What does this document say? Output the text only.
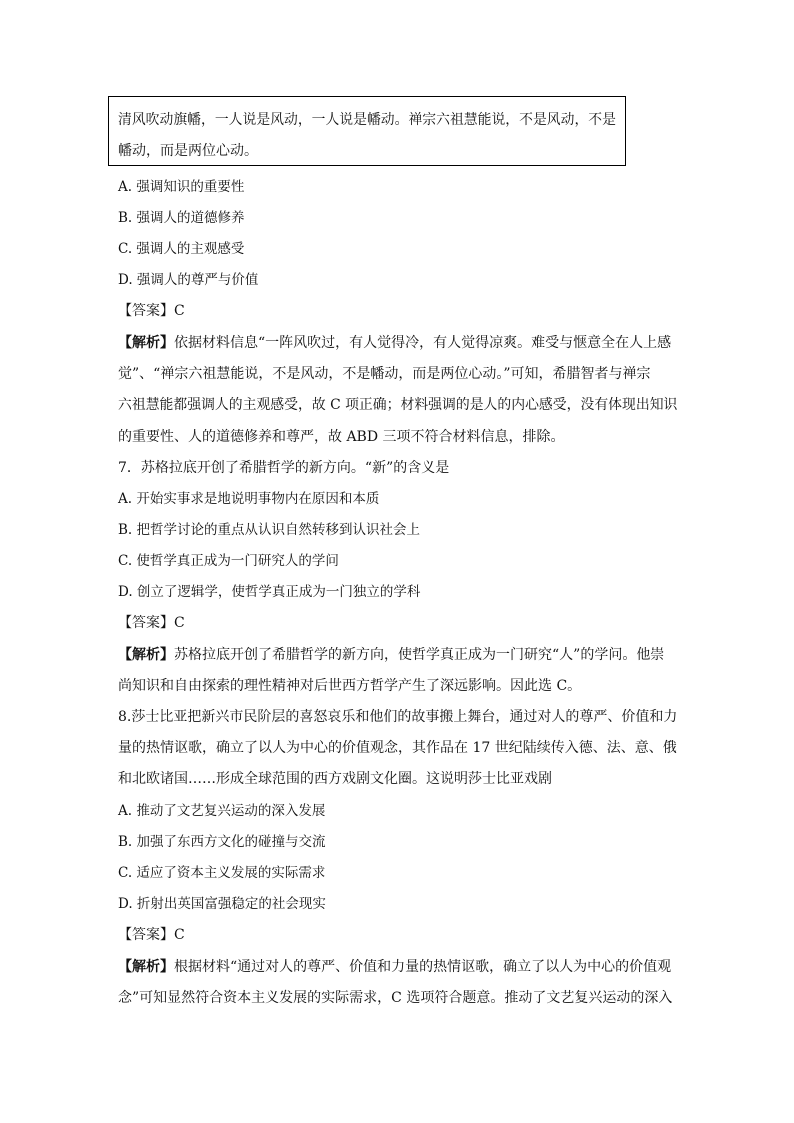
清风吹动旗幡，一人说是风动，一人说是幡动。禅宗六祖慧能说，不是风动，不是
幡动，而是两位心动。
A. 强调知识的重要性
B. 强调人的道德修养
C. 强调人的主观感受
D. 强调人的尊严与价值
【答案】C
【解析】依据材料信息“一阵风吹过，有人觉得冷，有人觉得凉爽。难受与惬意全在人上感
觉”、“禅宗六祖慧能说，不是风动，不是幡动，而是两位心动。”可知，希腊智者与禅宗
六祖慧能都强调人的主观感受，故 C 项正确；材料强调的是人的内心感受，没有体现出知识
的重要性、人的道德修养和尊严，故 ABD 三项不符合材料信息，排除。
7．苏格拉底开创了希腊哲学的新方向。“新”的含义是
A. 开始实事求是地说明事物内在原因和本质
B. 把哲学讨论的重点从认识自然转移到认识社会上
C. 使哲学真正成为一门研究人的学问
D. 创立了逻辑学，使哲学真正成为一门独立的学科
【答案】C
【解析】苏格拉底开创了希腊哲学的新方向，使哲学真正成为一门研究“人”的学问。他崇
尚知识和自由探索的理性精神对后世西方哲学产生了深远影响。因此选 C。
8.莎士比亚把新兴市民阶层的喜怒哀乐和他们的故事搬上舞台，通过对人的尊严、价值和力
量的热情讴歌，确立了以人为中心的价值观念，其作品在 17 世纪陆续传入德、法、意、俄
和北欧诸国……形成全球范围的西方戏剧文化圈。这说明莎士比亚戏剧
A. 推动了文艺复兴运动的深入发展
B. 加强了东西方文化的碰撞与交流
C. 适应了资本主义发展的实际需求
D. 折射出英国富强稳定的社会现实
【答案】C
【解析】根据材料“通过对人的尊严、价值和力量的热情讴歌，确立了以人为中心的价值观
念”可知显然符合资本主义发展的实际需求，C 选项符合题意。推动了文艺复兴运动的深入
